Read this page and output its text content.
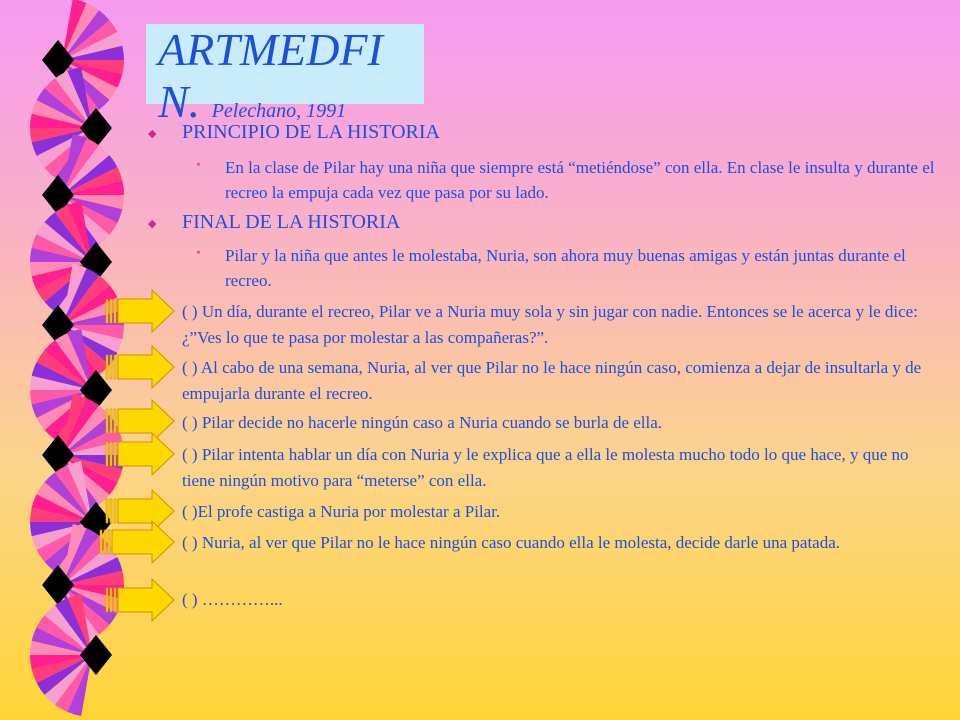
ARTMEDFIN. Pelechano, 1991
◆ PRINCIPIO DE LA HISTORIA
• En la clase de Pilar hay una niña que siempre está “metiéndose” con ella. En clase le insulta y durante el recreo la empuja cada vez que pasa por su lado.
◆ FINAL DE LA HISTORIA
• Pilar y la niña que antes le molestaba, Nuria, son ahora muy buenas amigas y están juntas durante el recreo.
( ) Un día, durante el recreo, Pilar ve a Nuria muy sola y sin jugar con nadie. Entonces se le acerca y le dice: ¿”Ves lo que te pasa por molestar a las compañeras?”.
( ) Al cabo de una semana, Nuria, al ver que Pilar no le hace ningún caso, comienza a dejar de insultarla y de empujarla durante el recreo.
( ) Pilar decide no hacerle ningún caso a Nuria cuando se burla de ella.
( ) Pilar intenta hablar un día con Nuria y le explica que a ella le molesta mucho todo lo que hace, y que no tiene ningún motivo para “meterse” con ella.
( )El profe castiga a Nuria por molestar a Pilar.
( ) Nuria, al ver que Pilar no le hace ningún caso cuando ella le molesta, decide darle una patada.
( ) …………...
